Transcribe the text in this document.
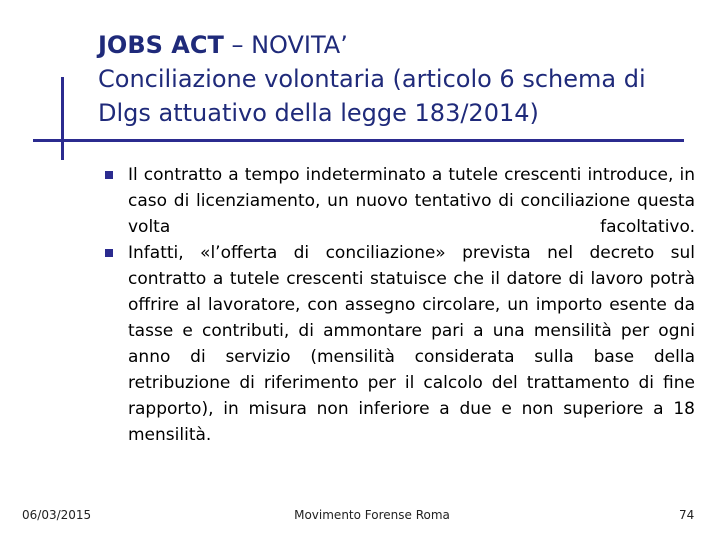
JOBS ACT – NOVITA’
Conciliazione volontaria (articolo 6 schema di
Dlgs attuativo della legge 183/2014)
Il contratto a tempo indeterminato a tutele crescenti introduce, in caso di licenziamento, un nuovo tentativo di conciliazione questa volta facoltativo.
Infatti, «l’offerta di conciliazione» prevista nel decreto sul contratto a tutele crescenti statuisce che il datore di lavoro potrà offrire al lavoratore, con assegno circolare, un importo esente da tasse e contributi, di ammontare pari a una mensilità per ogni anno di servizio (mensilità considerata sulla base della retribuzione di riferimento per il calcolo del trattamento di fine rapporto), in misura non inferiore a due e non superiore a 18 mensilità.
06/03/2015	Movimento Forense Roma	74
